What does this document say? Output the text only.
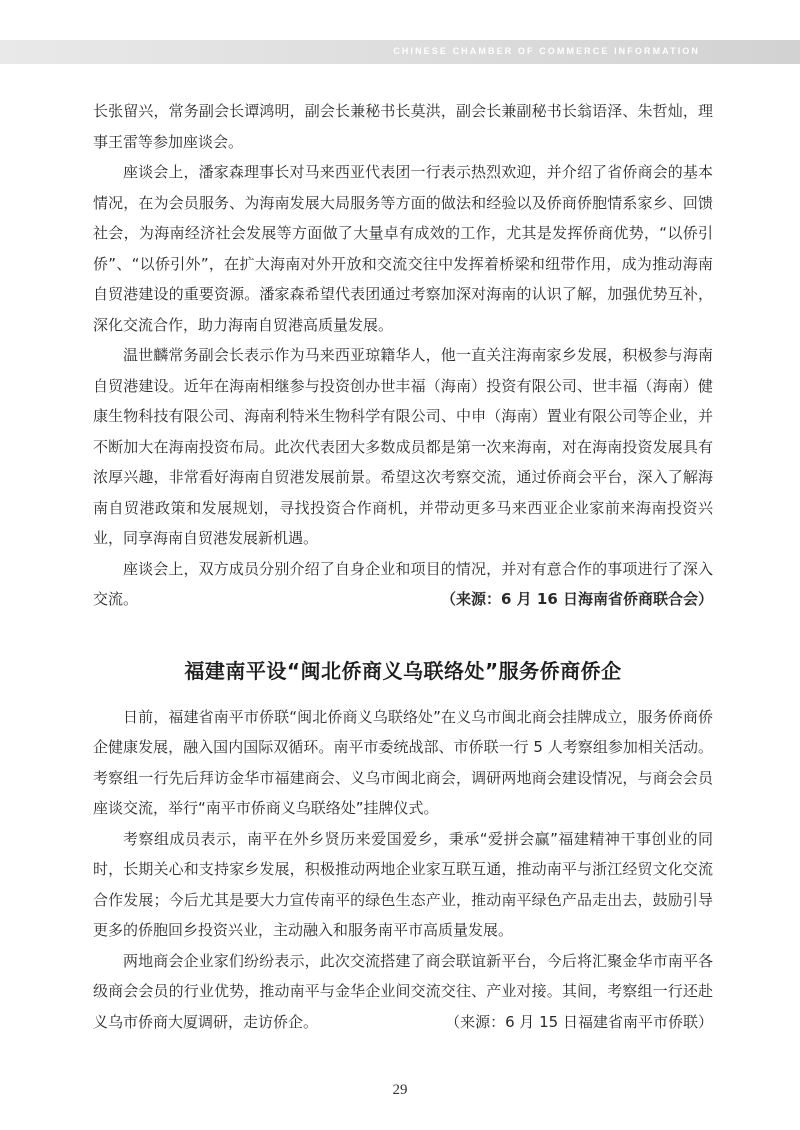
CHINESE CHAMBER OF COMMERCE INFORMATION

长张留兴，常务副会长谭鸿明，副会长兼秘书长莫洪，副会长兼副秘书长翁语泽、朱哲灿，理事王雷等参加座谈会。

座谈会上，潘家森理事长对马来西亚代表团一行表示热烈欢迎，并介绍了省侨商会的基本情况，在为会员服务、为海南发展大局服务等方面的做法和经验以及侨商侨胞情系家乡、回馈社会，为海南经济社会发展等方面做了大量卓有成效的工作，尤其是发挥侨商优势，“以侨引侨”、“以侨引外”，在扩大海南对外开放和交流交往中发挥着桥梁和纽带作用，成为推动海南自贸港建设的重要资源。潘家森希望代表团通过考察加深对海南的认识了解，加强优势互补，深化交流合作，助力海南自贸港高质量发展。

温世麟常务副会长表示作为马来西亚琼籍华人，他一直关注海南家乡发展，积极参与海南自贸港建设。近年在海南相继参与投资创办世丰福（海南）投资有限公司、世丰福（海南）健康生物科技有限公司、海南利特米生物科学有限公司、中申（海南）置业有限公司等企业，并不断加大在海南投资布局。此次代表团大多数成员都是第一次来海南，对在海南投资发展具有浓厚兴趣，非常看好海南自贸港发展前景。希望这次考察交流，通过侨商会平台，深入了解海南自贸港政策和发展规划，寻找投资合作商机，并带动更多马来西亚企业家前来海南投资兴业，同享海南自贸港发展新机遇。

座谈会上，双方成员分别介绍了自身企业和项目的情况，并对有意合作的事项进行了深入交流。	（来源：6 月 16 日海南省侨商联合会）

福建南平设“闽北侨商义乌联络处”服务侨商侨企

日前，福建省南平市侨联“闽北侨商义乌联络处”在义乌市闽北商会挂牌成立，服务侨商侨企健康发展，融入国内国际双循环。南平市委统战部、市侨联一行 5 人考察组参加相关活动。考察组一行先后拜访金华市福建商会、义乌市闽北商会，调研两地商会建设情况，与商会会员座谈交流，举行“南平市侨商义乌联络处”挂牌仪式。

考察组成员表示，南平在外乡贤历来爱国爱乡，秉承“爱拼会赢”福建精神干事创业的同时，长期关心和支持家乡发展，积极推动两地企业家互联互通，推动南平与浙江经贸文化交流合作发展；今后尤其是要大力宣传南平的绿色生态产业，推动南平绿色产品走出去，鼓励引导更多的侨胞回乡投资兴业，主动融入和服务南平市高质量发展。

两地商会企业家们纷纷表示，此次交流搭建了商会联谊新平台，今后将汇聚金华市南平各级商会会员的行业优势，推动南平与金华企业间交流交往、产业对接。其间，考察组一行还赴义乌市侨商大厦调研，走访侨企。	（来源：6 月 15 日福建省南平市侨联）

29
